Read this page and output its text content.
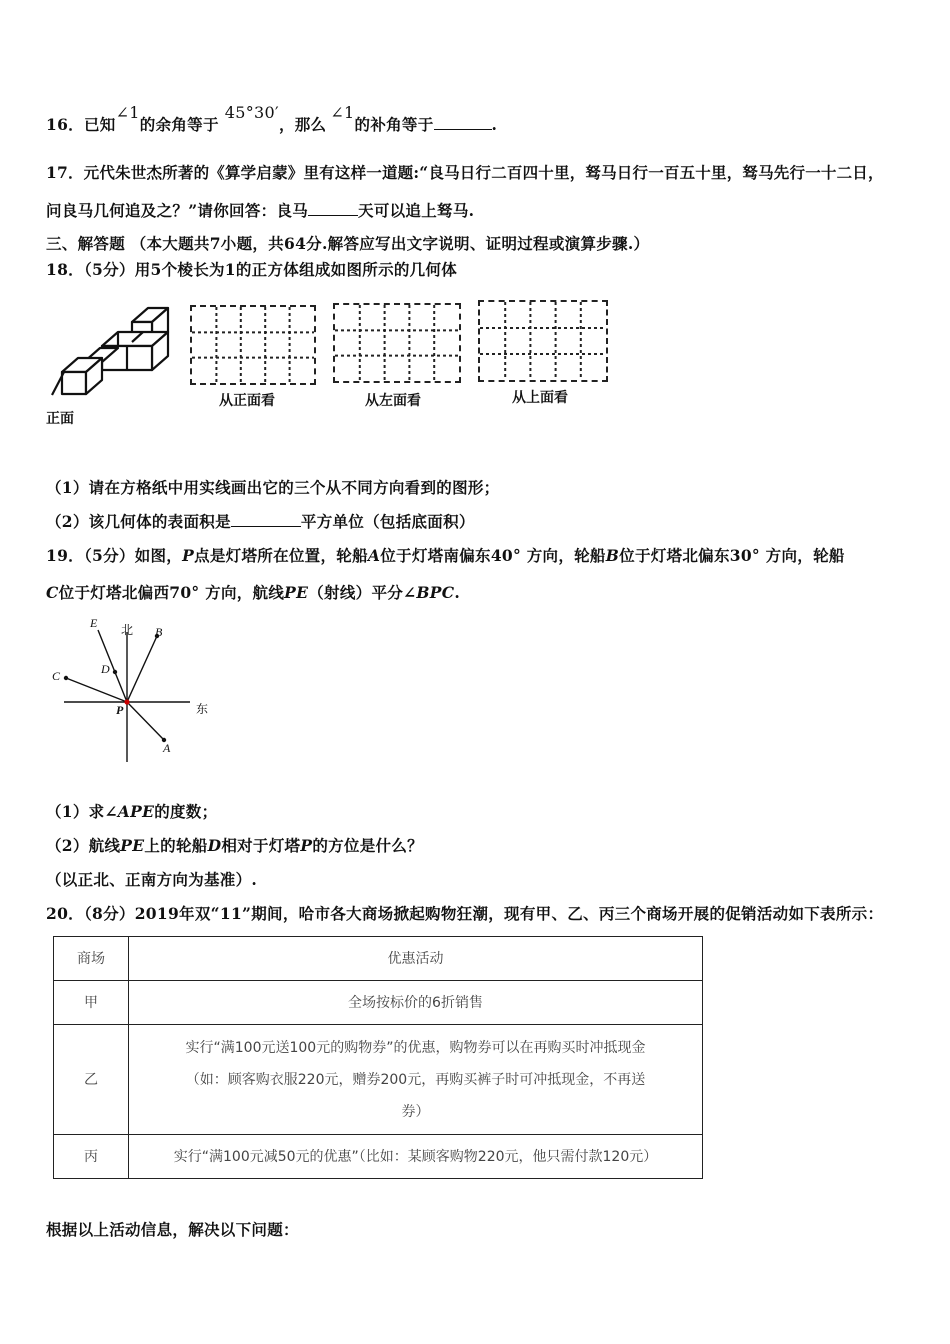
16．已知∠1的余角等于45°30′，那么∠1的补角等于	.
17．元代朱世杰所著的《算学启蒙》里有这样一道题:“良马日行二百四十里，驽马日行一百五十里，驽马先行一十二日，
问良马几何追及之？”请你回答：良马	天可以追上驽马.
三、解答题 （本大题共7小题，共64分.解答应写出文字说明、证明过程或演算步骤.）
18．（5分）用5个棱长为1的正方体组成如图所示的几何体
正面
从正面看	从左面看	从上面看
（1）请在方格纸中用实线画出它的三个从不同方向看到的图形；
（2）该几何体的表面积是	平方单位（包括底面积）
19．（5分）如图，P点是灯塔所在位置，轮船A位于灯塔南偏东40° 方向，轮船B位于灯塔北偏东30° 方向，轮船
C位于灯塔北偏西70° 方向，航线PE（射线）平分∠BPC.
E 北 B
C	D
P	东
A
（1）求∠APE的度数；
（2）航线PE上的轮船D相对于灯塔P的方位是什么？
（以正北、正南方向为基准）.
20．（8分）2019年双“11”期间，哈市各大商场掀起购物狂潮，现有甲、乙、丙三个商场开展的促销活动如下表所示：
商场	优惠活动
甲	全场按标价的6折销售
乙	实行“满100元送100元的购物券”的优惠，购物券可以在再购买时冲抵现金
（如：顾客购衣服220元，赠券200元，再购买裤子时可冲抵现金，不再送
券）

丙	实行“满100元减50元的优惠”（比如：某顾客购物220元，他只需付款120元）
根据以上活动信息，解决以下问题：
